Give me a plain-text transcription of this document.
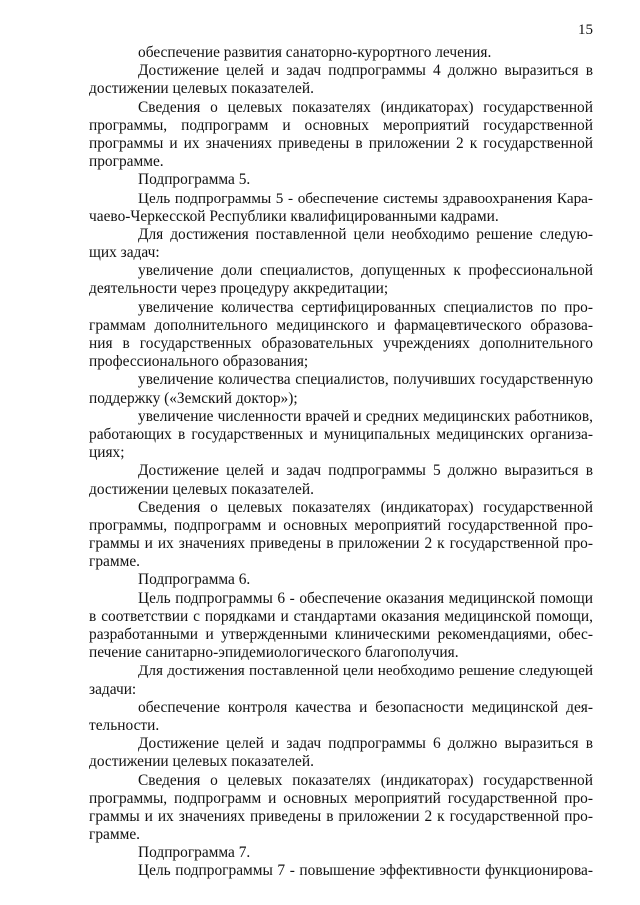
15
обеспечение развития санаторно-курортного лечения.
Достижение целей и задач подпрограммы 4 должно выразиться в
достижении целевых показателей.
Сведения о целевых показателях (индикаторах) государственной
программы, подпрограмм и основных мероприятий государственной
программы и их значениях приведены в приложении 2 к государственной
программе.
Подпрограмма 5.
Цель подпрограммы 5 - обеспечение системы здравоохранения Кара-
чаево-Черкесской Республики квалифицированными кадрами.
Для достижения поставленной цели необходимо решение следую-
щих задач:
увеличение доли специалистов, допущенных к профессиональной
деятельности через процедуру аккредитации;
увеличение количества сертифицированных специалистов по про-
граммам дополнительного медицинского и фармацевтического образова-
ния в государственных образовательных учреждениях дополнительного
профессионального образования;
увеличение количества специалистов, получивших государственную
поддержку («Земский доктор»);
увеличение численности врачей и средних медицинских работников,
работающих в государственных и муниципальных медицинских организа-
циях;
Достижение целей и задач подпрограммы 5 должно выразиться в
достижении целевых показателей.
Сведения о целевых показателях (индикаторах) государственной
программы, подпрограмм и основных мероприятий государственной про-
граммы и их значениях приведены в приложении 2 к государственной про-
грамме.
Подпрограмма 6.
Цель подпрограммы 6 - обеспечение оказания медицинской помощи
в соответствии с порядками и стандартами оказания медицинской помощи,
разработанными и утвержденными клиническими рекомендациями, обес-
печение санитарно-эпидемиологического благополучия.
Для достижения поставленной цели необходимо решение следующей
задачи:
обеспечение контроля качества и безопасности медицинской дея-
тельности.
Достижение целей и задач подпрограммы 6 должно выразиться в
достижении целевых показателей.
Сведения о целевых показателях (индикаторах) государственной
программы, подпрограмм и основных мероприятий государственной про-
граммы и их значениях приведены в приложении 2 к государственной про-
грамме.
Подпрограмма 7.
Цель подпрограммы 7 - повышение эффективности функционирова-
